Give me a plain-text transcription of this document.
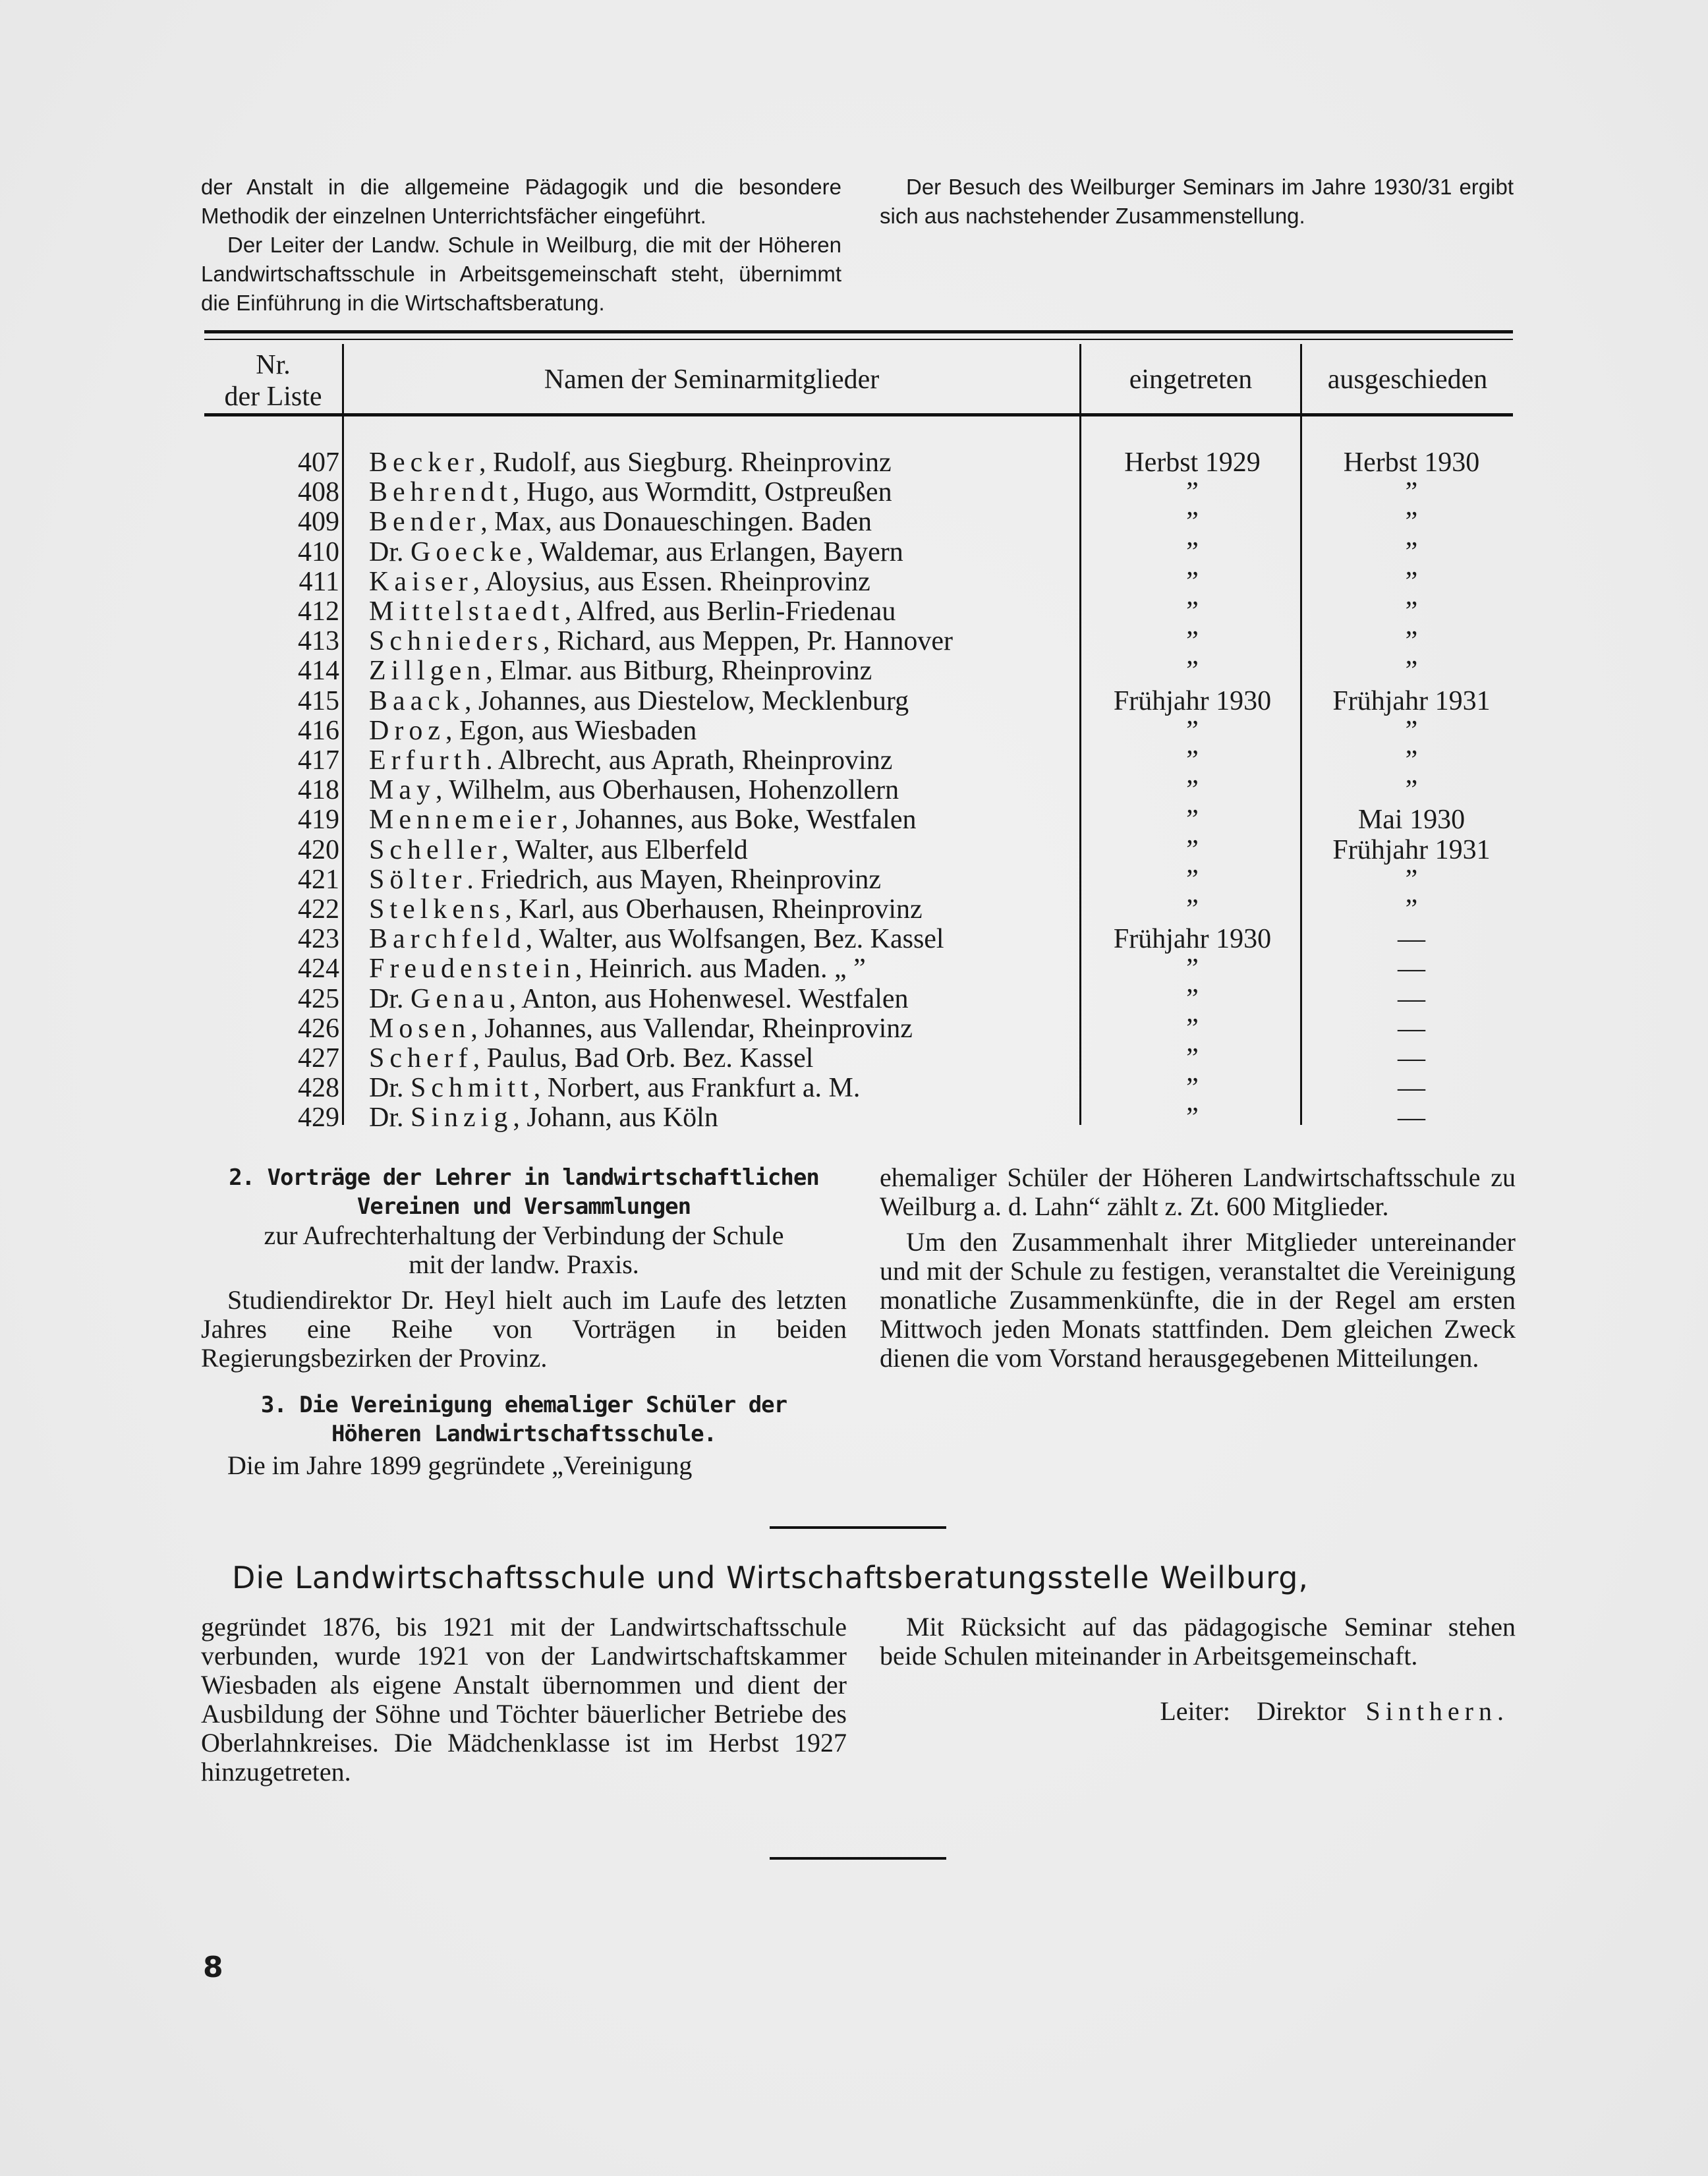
der Anstalt in die allgemeine Pädagogik und die besondere Methodik der einzelnen Unterrichtsfächer eingeführt.

Der Leiter der Landw. Schule in Weilburg, die mit der Höheren Landwirtschaftsschule in Arbeitsgemeinschaft steht, übernimmt die Einführung in die Wirtschaftsberatung.

Der Besuch des Weilburger Seminars im Jahre 1930/31 ergibt sich aus nachstehender Zusammenstellung.

Nr.
der Liste
Namen der Seminarmitglieder	eingetreten	ausgeschieden
407 Becker, Rudolf, aus Siegburg. Rheinprovinz	Herbst 1929	Herbst 1930
408 Behrendt, Hugo, aus Wormditt, Ostpreußen	”	”
409 Bender, Max, aus Donaueschingen. Baden	”	”
410 Dr. Goecke, Waldemar, aus Erlangen, Bayern	”	”
411 Kaiser, Aloysius, aus Essen. Rheinprovinz	”	”
412 Mittelstaedt, Alfred, aus Berlin-Friedenau	”	”
413 Schnieders, Richard, aus Meppen, Pr. Hannover	”	”
414 Zillgen, Elmar. aus Bitburg, Rheinprovinz	”	”
415 Baack, Johannes, aus Diestelow, Mecklenburg	Frühjahr 1930	Frühjahr 1931
416 Droz, Egon, aus Wiesbaden	”	”
417 Erfurth. Albrecht, aus Aprath, Rheinprovinz	”	”
418 May, Wilhelm, aus Oberhausen, Hohenzollern	”	”
419 Mennemeier, Johannes, aus Boke, Westfalen	”	Mai 1930
420 Scheller, Walter, aus Elberfeld	”	Frühjahr 1931
421 Sölter. Friedrich, aus Mayen, Rheinprovinz	”	”
422 Stelkens, Karl, aus Oberhausen, Rheinprovinz	”	”
423 Barchfeld, Walter, aus Wolfsangen, Bez. Kassel	Frühjahr 1930	—
424 Freudenstein, Heinrich. aus Maden. „ ”	”	—
425 Dr. Genau, Anton, aus Hohenwesel. Westfalen	”	—
426 Mosen, Johannes, aus Vallendar, Rheinprovinz	”	—
427 Scherf, Paulus, Bad Orb. Bez. Kassel	”	—
428 Dr. Schmitt, Norbert, aus Frankfurt a. M.	”	—
429 Dr. Sinzig, Johann, aus Köln	”	—
2. Vorträge der Lehrer in landwirtschaftlichen
Vereinen und Versammlungen
zur Aufrechterhaltung der Verbindung der Schule
mit der landw. Praxis.

Studiendirektor Dr. Heyl hielt auch im Laufe des letzten Jahres eine Reihe von Vorträgen in beiden Regierungsbezirken der Provinz.

3. Die Vereinigung ehemaliger Schüler der
Höheren Landwirtschaftsschule.

Die im Jahre 1899 gegründete „Vereinigung

ehemaliger Schüler der Höheren Landwirtschaftsschule zu Weilburg a. d. Lahn“ zählt z. Zt. 600 Mitglieder.

Um den Zusammenhalt ihrer Mitglieder untereinander und mit der Schule zu festigen, veranstaltet die Vereinigung monatliche Zusammenkünfte, die in der Regel am ersten Mittwoch jeden Monats stattfinden. Dem gleichen Zweck dienen die vom Vorstand herausgegebenen Mitteilungen.

Die Landwirtschaftsschule und Wirtschaftsberatungsstelle Weilburg,
gegründet 1876, bis 1921 mit der Landwirtschaftsschule verbunden, wurde 1921 von der Landwirtschaftskammer Wiesbaden als eigene Anstalt übernommen und dient der Ausbildung der Söhne und Töchter bäuerlicher Betriebe des Oberlahnkreises. Die Mädchenklasse ist im Herbst 1927 hinzugetreten.

Mit Rücksicht auf das pädagogische Seminar stehen beide Schulen miteinander in Arbeitsgemeinschaft.

Leiter: Direktor Sinthern.

8
